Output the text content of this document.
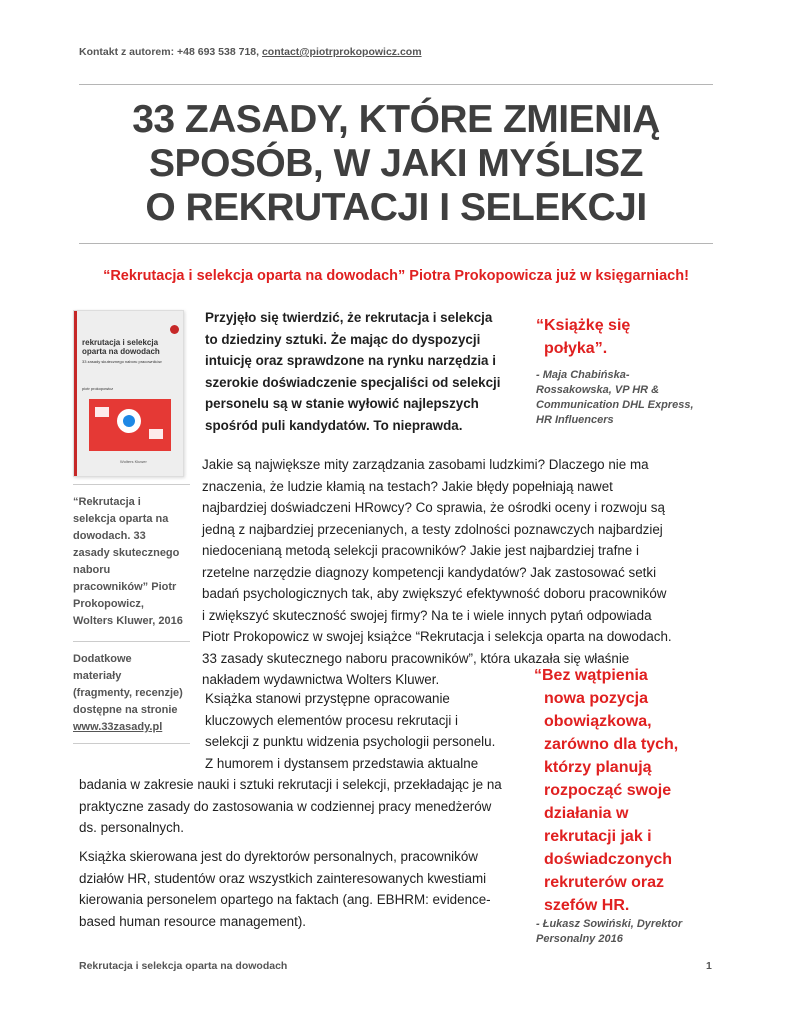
Kontakt z autorem: +48 693 538 718, contact@piotrprokopowicz.com
33 ZASADY, KTÓRE ZMIENIĄ
SPOSÓB, W JAKI MYŚLISZ
O REKRUTACJI I SELEKCJI
“Rekrutacja i selekcja oparta na dowodach” Piotra Prokopowicza już w księgarniach!
rekrutacja i selekcja oparta na dowodach
33 zasady skutecznego naboru pracowników
piotr prokopowicz
Wolters Kluwer
“Rekrutacja i
selekcja oparta na
dowodach. 33
zasady skutecznego
naboru
pracowników” Piotr
Prokopowicz,
Wolters Kluwer, 2016
Dodatkowe
materiały
(fragmenty, recenzje)
dostępne na stronie
www.33zasady.pl
Przyjęło się twierdzić, że rekrutacja i selekcja
to dziedziny sztuki. Że mając do dyspozycji
intuicję oraz sprawdzone na rynku narzędzia i
szerokie doświadczenie specjaliści od selekcji
personelu są w stanie wyłowić najlepszych
spośród puli kandydatów. To nieprawda.
“Książkę się
połyka”.
- Maja Chabińska-
Rossakowska, VP HR &
Communication DHL Express,
HR Influencers
Jakie są największe mity zarządzania zasobami ludzkimi? Dlaczego nie ma
znaczenia, że ludzie kłamią na testach? Jakie błędy popełniają nawet
najbardziej doświadczeni HRowcy? Co sprawia, że ośrodki oceny i rozwoju są
jedną z najbardziej przecenianych, a testy zdolności poznawczych najbardziej
niedocenianą metodą selekcji pracowników? Jakie jest najbardziej trafne i
rzetelne narzędzie diagnozy kompetencji kandydatów? Jak zastosować setki
badań psychologicznych tak, aby zwiększyć efektywność doboru pracowników
i zwiększyć skuteczność swojej firmy? Na te i wiele innych pytań odpowiada
Piotr Prokopowicz w swojej książce “Rekrutacja i selekcja oparta na dowodach.
33 zasady skutecznego naboru pracowników”, która ukazała się właśnie
nakładem wydawnictwa Wolters Kluwer.
Książka stanowi przystępne opracowanie
kluczowych elementów procesu rekrutacji i
selekcji z punktu widzenia psychologii personelu.
Z humorem i dystansem przedstawia aktualne
badania w zakresie nauki i sztuki rekrutacji i selekcji, przekładając je na
praktyczne zasady do zastosowania w codziennej pracy menedżerów
ds. personalnych.
Książka skierowana jest do dyrektorów personalnych, pracowników
działów HR, studentów oraz wszystkich zainteresowanych kwestiami
kierowania personelem opartego na faktach (ang. EBHRM: evidence-
based human resource management).
“Bez wątpienia
nowa pozycja
obowiązkowa,
zarówno dla tych,
którzy planują
rozpocząć swoje
działania w
rekrutacji jak i
doświadczonych
rekruterów oraz
szefów HR.
- Łukasz Sowiński, Dyrektor
Personalny 2016
Rekrutacja i selekcja oparta na dowodach	1
